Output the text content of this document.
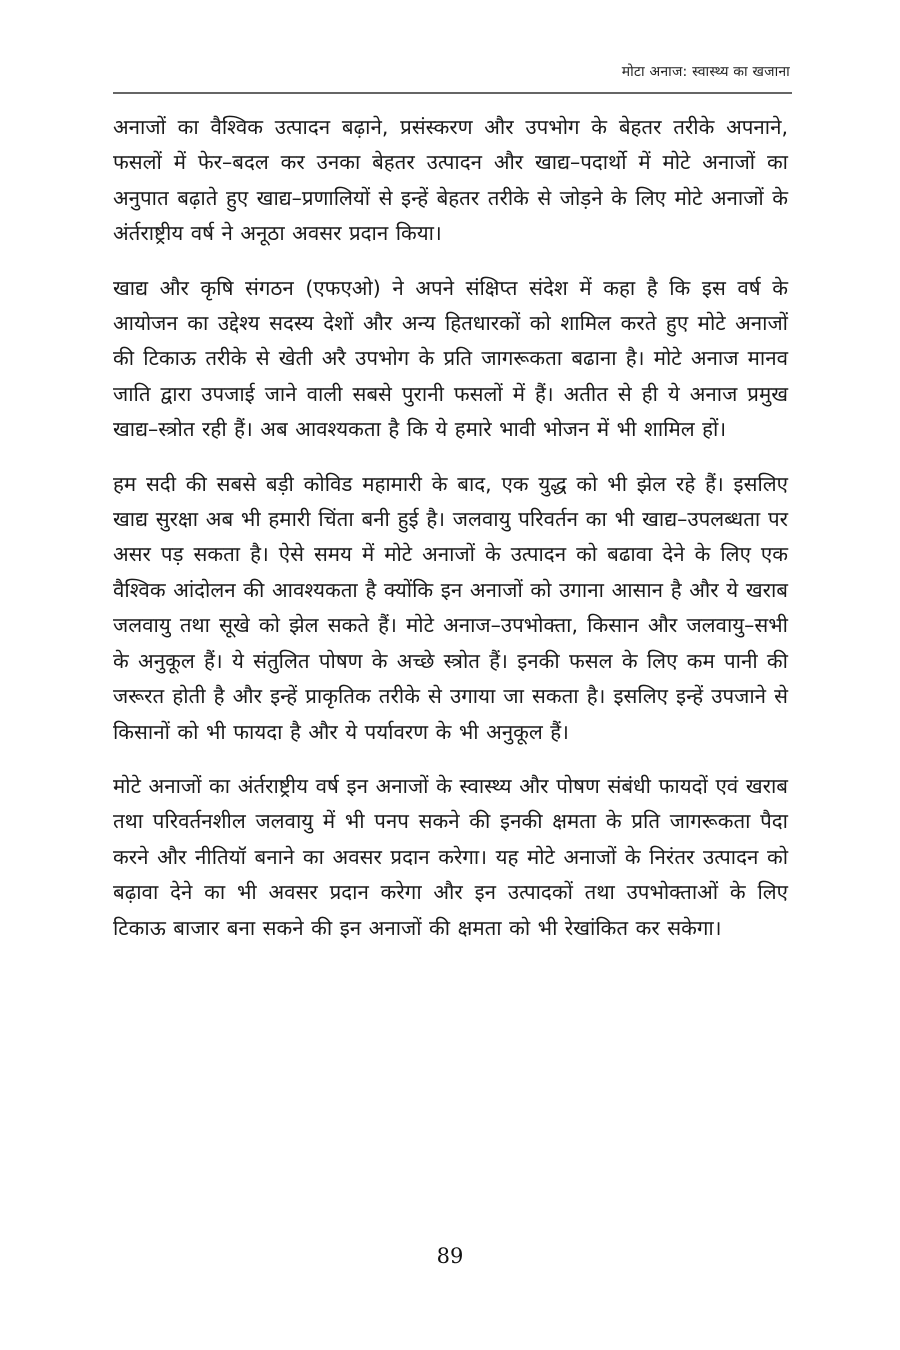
मोटा अनाज: स्वास्थ्य का खजाना

अनाजों का वैश्विक उत्पादन बढ़ाने, प्रसंस्करण और उपभोग के बेहतर तरीके अपनाने, फसलों में फेर–बदल कर उनका बेहतर उत्पादन और खाद्य–पदार्थो में मोटे अनाजों का अनुपात बढ़ाते हुए खाद्य–प्रणालियों से इन्हें बेहतर तरीके से जोड़ने के लिए मोटे अनाजों के अंर्तराष्ट्रीय वर्ष ने अनूठा अवसर प्रदान किया।

खाद्य और कृषि संगठन (एफएओ) ने अपने संक्षिप्त संदेश में कहा है कि इस वर्ष के आयोजन का उद्देश्य सदस्य देशों और अन्य हितधारकों को शामिल करते हुए मोटे अनाजों की टिकाऊ तरीके से खेती अरै उपभोग के प्रति जागरूकता बढाना है। मोटे अनाज मानव जाति द्वारा उपजाई जाने वाली सबसे पुरानी फसलों में हैं। अतीत से ही ये अनाज प्रमुख खाद्य–स्त्रोत रही हैं। अब आवश्यकता है कि ये हमारे भावी भोजन में भी शामिल हों।

हम सदी की सबसे बड़ी कोविड महामारी के बाद, एक युद्ध को भी झेल रहे हैं। इसलिए खाद्य सुरक्षा अब भी हमारी चिंता बनी हुई है। जलवायु परिवर्तन का भी खाद्य–उपलब्धता पर असर पड़ सकता है। ऐसे समय में मोटे अनाजों के उत्पादन को बढावा देने के लिए एक वैश्विक आंदोलन की आवश्यकता है क्योंकि इन अनाजों को उगाना आसान है और ये खराब जलवायु तथा सूखे को झेल सकते हैं। मोटे अनाज–उपभोक्ता, किसान और जलवायु–सभी के अनुकूल हैं। ये संतुलित पोषण के अच्छे स्त्रोत हैं। इनकी फसल के लिए कम पानी की जरूरत होती है और इन्हें प्राकृतिक तरीके से उगाया जा सकता है। इसलिए इन्हें उपजाने से किसानों को भी फायदा है और ये पर्यावरण के भी अनुकूल हैं।

मोटे अनाजों का अंर्तराष्ट्रीय वर्ष इन अनाजों के स्वास्थ्य और पोषण संबंधी फायदों एवं खराब तथा परिवर्तनशील जलवायु में भी पनप सकने की इनकी क्षमता के प्रति जागरूकता पैदा करने और नीतियॉ बनाने का अवसर प्रदान करेगा। यह मोटे अनाजों के निरंतर उत्पादन को बढ़ावा देने का भी अवसर प्रदान करेगा और इन उत्पादकों तथा उपभोक्ताओं के लिए टिकाऊ बाजार बना सकने की इन अनाजों की क्षमता को भी रेखांकित कर सकेगा।

89
